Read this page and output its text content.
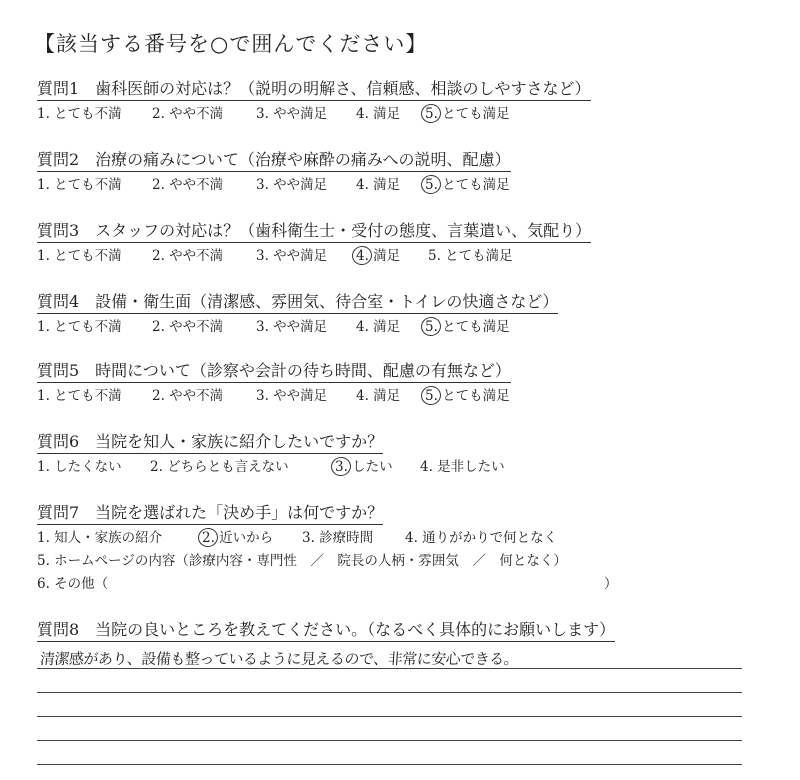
【該当する番号を○で囲んでください】
質問1　歯科医師の対応は？（説明の明解さ、信頼感、相談のしやすさなど）
1. とても不満 2. やや不満 3. やや満足 4. 満足 5. とても満足
質問2　治療の痛みについて（治療や麻酔の痛みへの説明、配慮）
1. とても不満 2. やや不満 3. やや満足 4. 満足 5. とても満足
質問3　スタッフの対応は？（歯科衛生士・受付の態度、言葉遣い、気配り）
1. とても不満 2. やや不満 3. やや満足 4. 満足 5. とても満足
質問4　設備・衛生面（清潔感、雰囲気、待合室・トイレの快適さなど）
1. とても不満 2. やや不満 3. やや満足 4. 満足 5. とても満足
質問5　時間について（診察や会計の待ち時間、配慮の有無など）
1. とても不満 2. やや不満 3. やや満足 4. 満足 5. とても満足
質問6　当院を知人・家族に紹介したいですか？
1. したくない 2. どちらとも言えない	3. したい 4. 是非したい
質問7　当院を選ばれた「決め手」は何ですか？
1. 知人・家族の紹介	2. 近いから 3. 診療時間 4. 通りがかりで何となく
5. ホームページの内容（診療内容・専門性　／　院長の人柄・雰囲気　／　何となく）
6. その他（	）
質問8　当院の良いところを教えてください。（なるべく具体的にお願いします）
清潔感があり、設備も整っているように見えるので、非常に安心できる。
